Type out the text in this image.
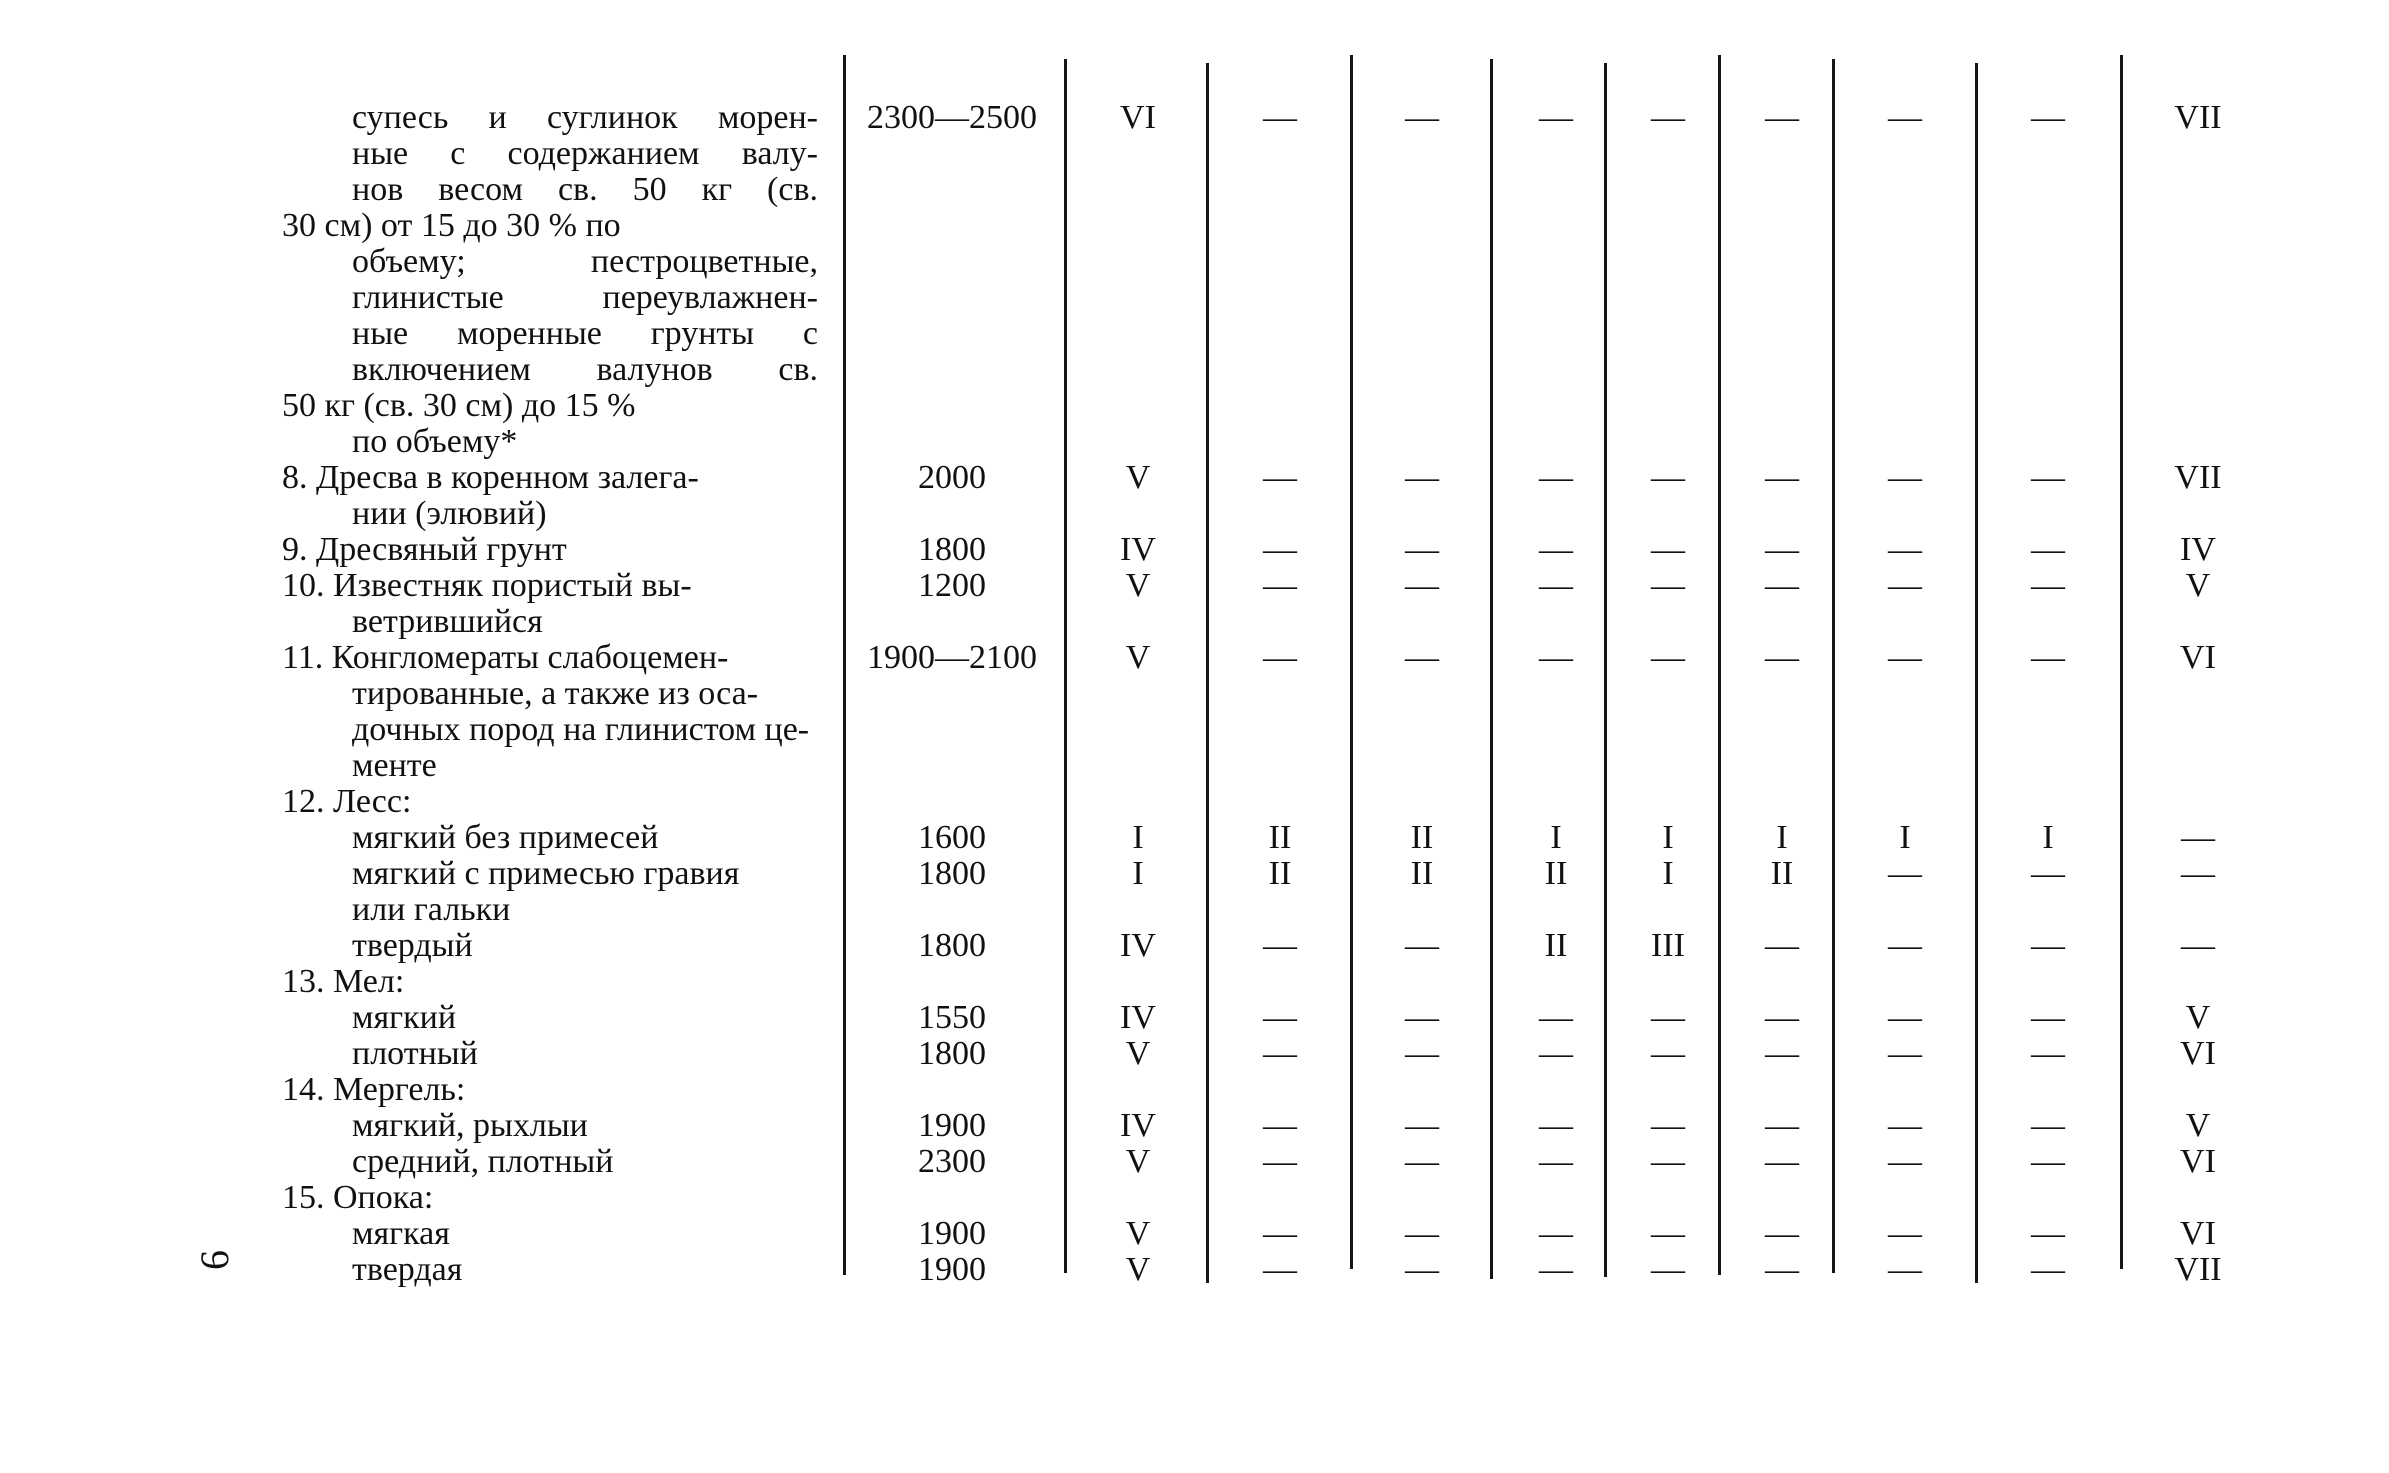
супесь и суглинок морен-	2300—2500	VI	—	—	—	—	—	—	—	VII
ные с содержанием валу-
нов весом св. 50 кг (св.
30 см) от 15 до 30 % по
объему; пестроцветные,
глинистые переувлажнен-
ные моренные грунты с
включением валунов св.
50 кг (св. 30 см) до 15 %
по объему*
8. Дресва в коренном залега-	2000	V	—	—	—	—	—	—	—	VII
нии (элювий)
9. Дресвяный грунт	1800	IV	—	—	—	—	—	—	—	IV
10. Известняк пористый вы-	1200	V	—	—	—	—	—	—	—	V
ветрившийся
11. Конгломераты слабоцемен-	1900—2100	V	—	—	—	—	—	—	—	VI
тированные, а также из оса-
дочных пород на глинистом це-
менте
12. Лесс:
мягкий без примесей	1600	I	II	II	I	I	I	I	I	—
мягкий с примесью гравия	1800	I	II	II	II	I	II	—	—	—
или гальки
твердый	1800	IV	—	—	II	III	—	—	—	—
13. Мел:
мягкий	1550	IV	—	—	—	—	—	—	—	V
плотный	1800	V	—	—	—	—	—	—	—	VI
14. Мергель:
мягкий, рыхлыи	1900	IV	—	—	—	—	—	—	—	V
средний, плотный	2300	V	—	—	—	—	—	—	—	VI
15. Опока:
мягкая	1900	V	—	—	—	—	—	—	—	VI
твердая	1900	V	—	—	—	—	—	—	—	VII
6
